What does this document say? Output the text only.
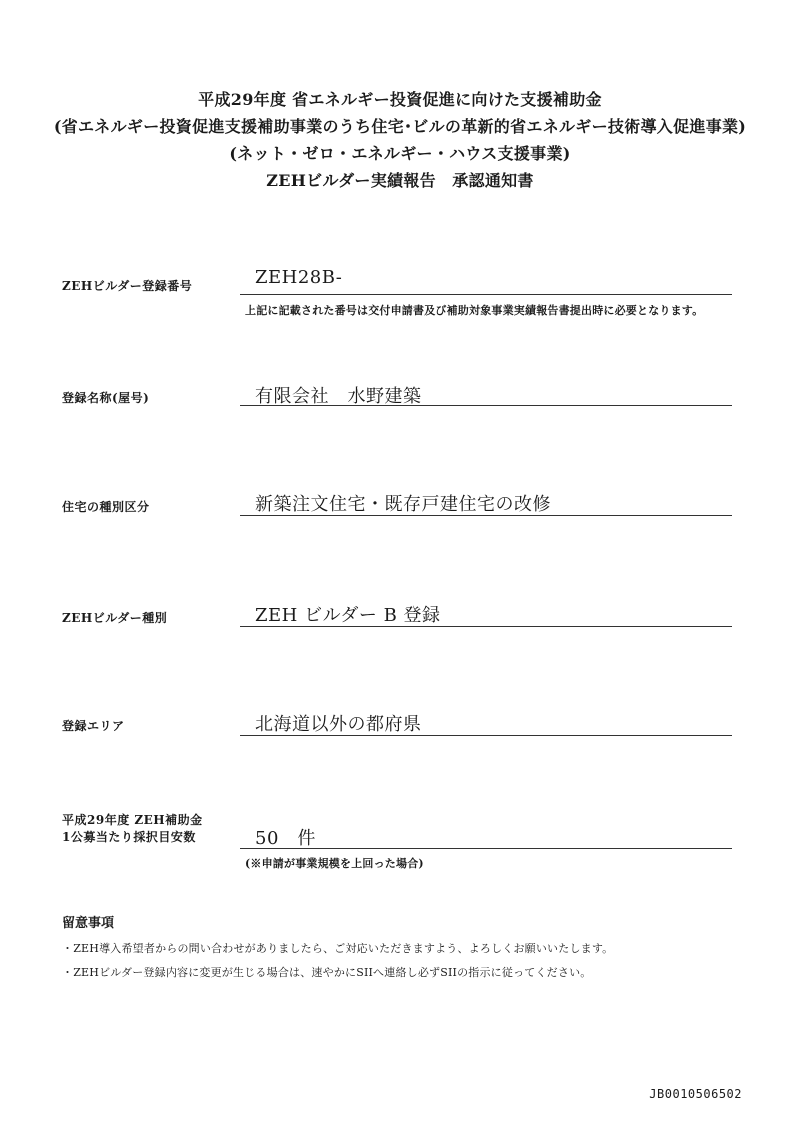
平成29年度 省エネルギー投資促進に向けた支援補助金
(省エネルギー投資促進支援補助事業のうち住宅･ビルの革新的省エネルギー技術導入促進事業)
(ネット・ゼロ・エネルギー・ハウス支援事業)
ZEHビルダー実績報告　承認通知書
ZEHビルダー登録番号	ZEH28B-
上記に記載された番号は交付申請書及び補助対象事業実績報告書提出時に必要となります。
登録名称(屋号)	有限会社　水野建築
住宅の種別区分	新築注文住宅・既存戸建住宅の改修
ZEHビルダー種別	ZEH ビルダー B 登録
登録エリア	北海道以外の都府県
平成29年度 ZEH補助金
1公募当たり採択目安数	50　件
(※申請が事業規模を上回った場合)
留意事項
・ZEH導入希望者からの問い合わせがありましたら、ご対応いただきますよう、よろしくお願いいたします。
・ZEHビルダー登録内容に変更が生じる場合は、速やかにSIIへ連絡し必ずSIIの指示に従ってください。
JB0010506502
